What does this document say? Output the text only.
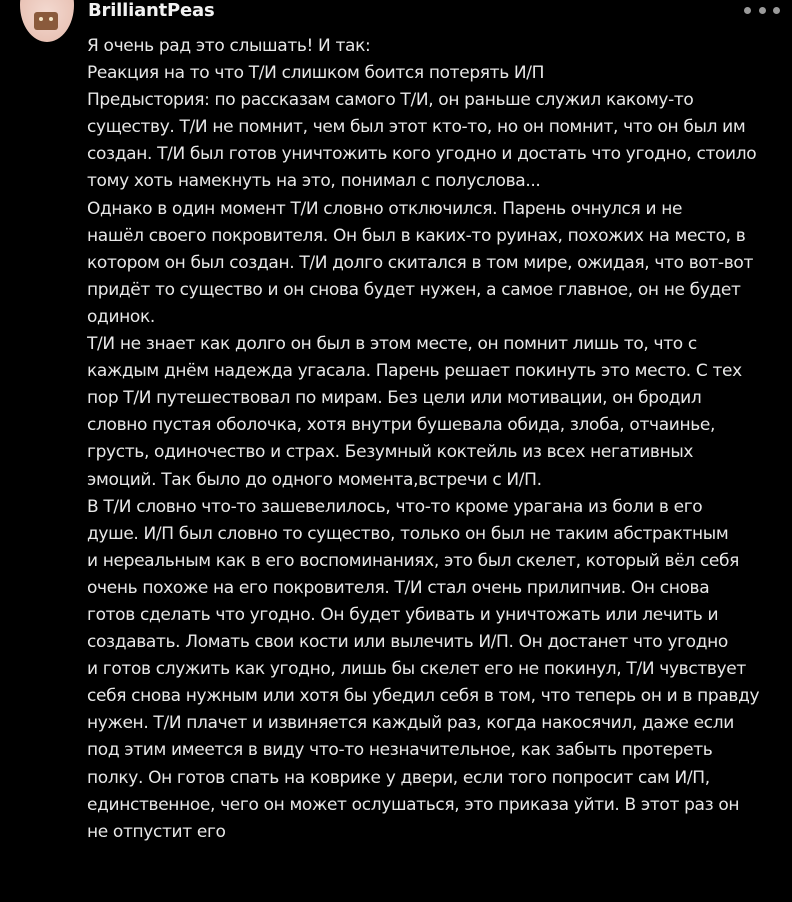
BrilliantPeas
Я очень рад это слышать! И так:
Реакция на то что Т/И слишком боится потерять И/П
Предыстория: по рассказам самого Т/И, он раньше служил какому-то
существу. Т/И не помнит, чем был этот кто-то, но он помнит, что он был им
создан. Т/И был готов уничтожить кого угодно и достать что угодно, стоило
тому хоть намекнуть на это, понимал с полуслова...
Однако в один момент Т/И словно отключился. Парень очнулся и не
нашёл своего покровителя. Он был в каких-то руинах, похожих на место, в
котором он был создан. Т/И долго скитался в том мире, ожидая, что вот-вот
придёт то существо и он снова будет нужен, а самое главное, он не будет
одинок.
Т/И не знает как долго он был в этом месте, он помнит лишь то, что с
каждым днём надежда угасала. Парень решает покинуть это место. С тех
пор Т/И путешествовал по мирам. Без цели или мотивации, он бродил
словно пустая оболочка, хотя внутри бушевала обида, злоба, отчаиньe,
грусть, одиночество и страх. Безумный коктейль из всех негативных
эмоций. Так было до одного момента,встречи с И/П.
В Т/И словно что-то зашевелилось, что-то кроме урагана из боли в его
душе. И/П был словно то существо, только он был не таким абстрактным
и нереальным как в его воспоминаниях, это был скелет, который вёл себя
очень похоже на его покровителя. Т/И стал очень прилипчив. Он снова
готов сделать что угодно. Он будет убивать и уничтожать или лечить и
создавать. Ломать свои кости или вылечить И/П. Он достанет что угодно
и готов служить как угодно, лишь бы скелет его не покинул, Т/И чувствует
себя снова нужным или хотя бы убедил себя в том, что теперь он и в правду
нужен. Т/И плачет и извиняется каждый раз, когда накосячил, даже если
под этим имеется в виду что-то незначительное, как забыть протереть
полку. Он готов спать на коврике у двери, если того попросит сам И/П,
единственное, чего он может ослушаться, это приказа уйти. В этот раз он
не отпустит его
